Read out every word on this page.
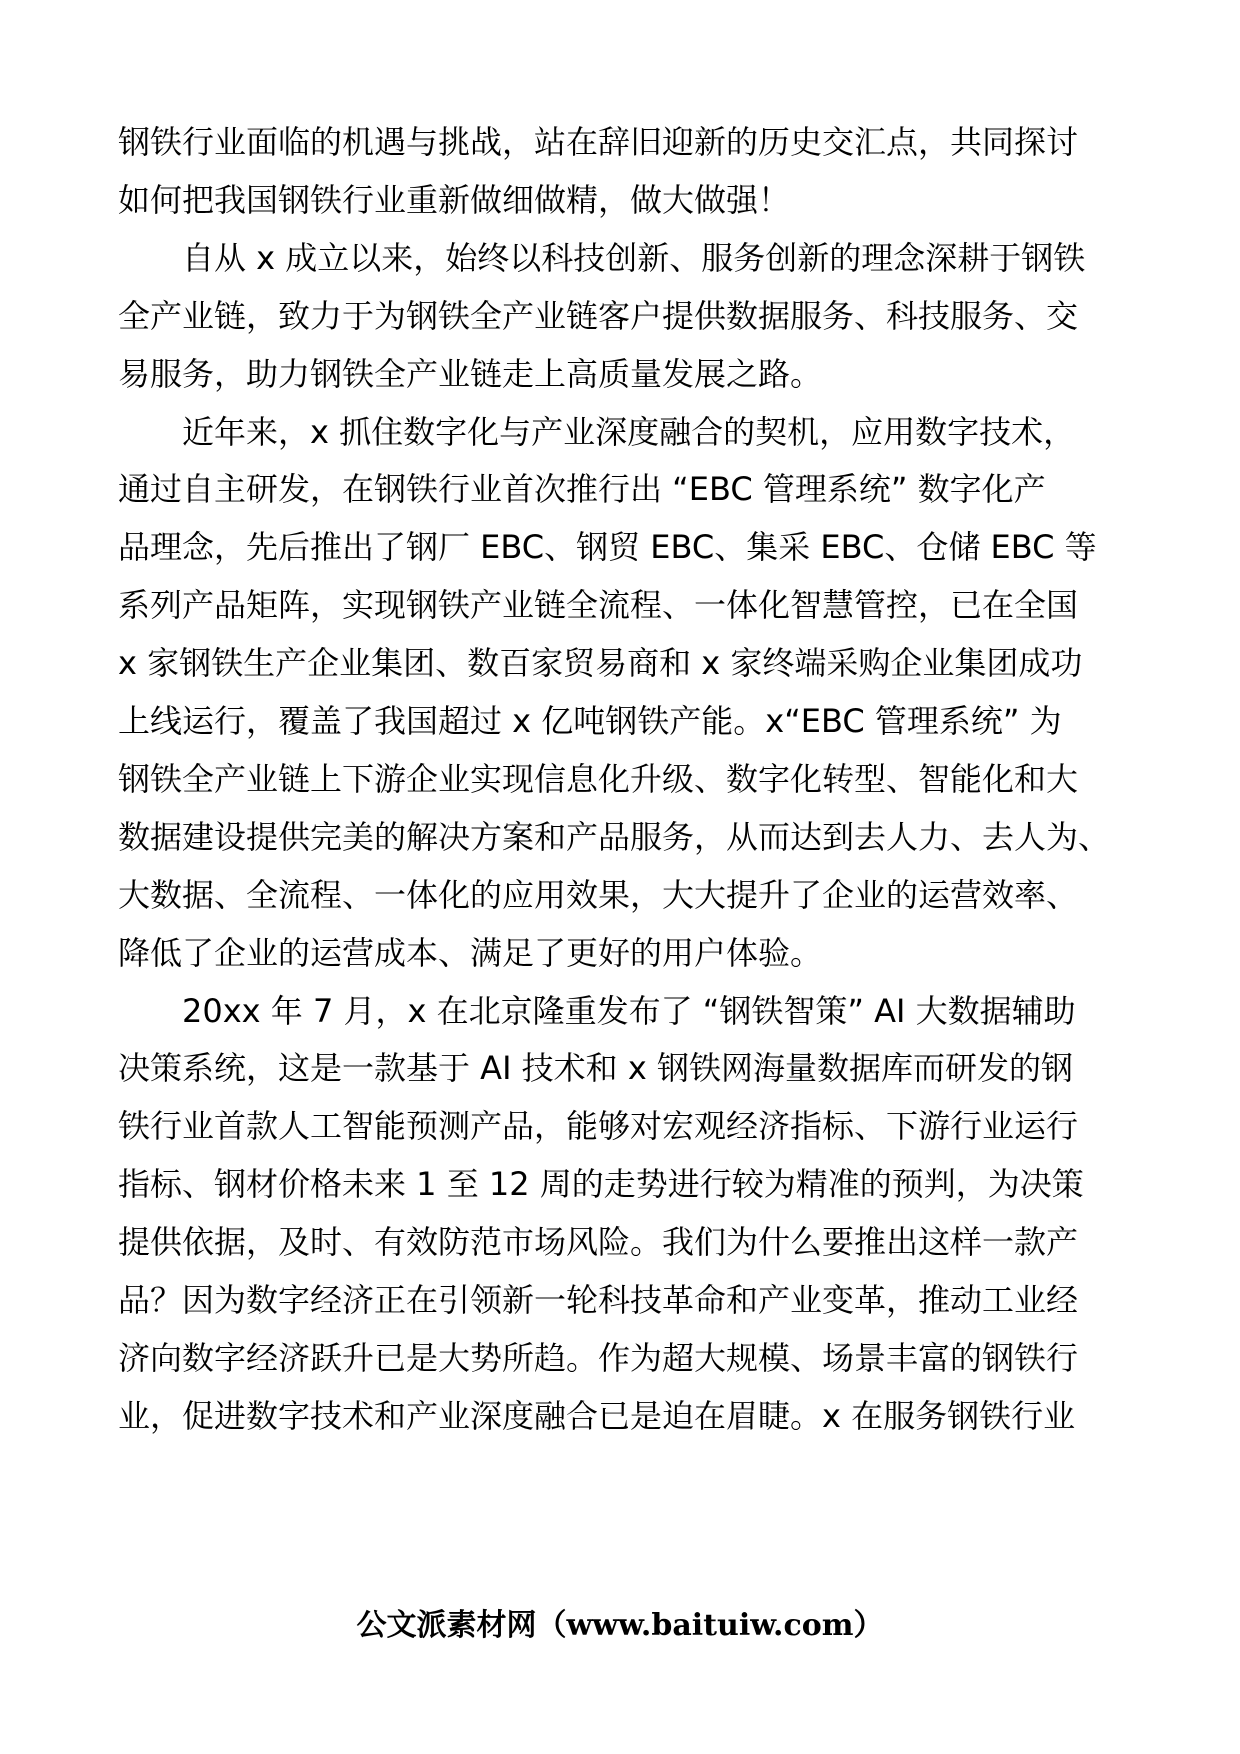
钢铁行业面临的机遇与挑战，站在辞旧迎新的历史交汇点，共同探讨
如何把我国钢铁行业重新做细做精，做大做强！
　　自从 x 成立以来，始终以科技创新、服务创新的理念深耕于钢铁
全产业链，致力于为钢铁全产业链客户提供数据服务、科技服务、交
易服务，助力钢铁全产业链走上高质量发展之路。
　　近年来，x 抓住数字化与产业深度融合的契机，应用数字技术，
通过自主研发，在钢铁行业首次推行出 “EBC 管理系统” 数字化产
品理念，先后推出了钢厂 EBC、钢贸 EBC、集采 EBC、仓储 EBC 等
系列产品矩阵，实现钢铁产业链全流程、一体化智慧管控，已在全国
x 家钢铁生产企业集团、数百家贸易商和 x 家终端采购企业集团成功
上线运行，覆盖了我国超过 x 亿吨钢铁产能。x“EBC 管理系统” 为
钢铁全产业链上下游企业实现信息化升级、数字化转型、智能化和大
数据建设提供完美的解决方案和产品服务，从而达到去人力、去人为、
大数据、全流程、一体化的应用效果，大大提升了企业的运营效率、
降低了企业的运营成本、满足了更好的用户体验。
　　20xx 年 7 月，x 在北京隆重发布了 “钢铁智策” AI 大数据辅助
决策系统，这是一款基于 AI 技术和 x 钢铁网海量数据库而研发的钢
铁行业首款人工智能预测产品，能够对宏观经济指标、下游行业运行
指标、钢材价格未来 1 至 12 周的走势进行较为精准的预判，为决策
提供依据，及时、有效防范市场风险。我们为什么要推出这样一款产
品？因为数字经济正在引领新一轮科技革命和产业变革，推动工业经
济向数字经济跃升已是大势所趋。作为超大规模、场景丰富的钢铁行
业，促进数字技术和产业深度融合已是迫在眉睫。x 在服务钢铁行业
公文派素材网（www.baituiw.com）
